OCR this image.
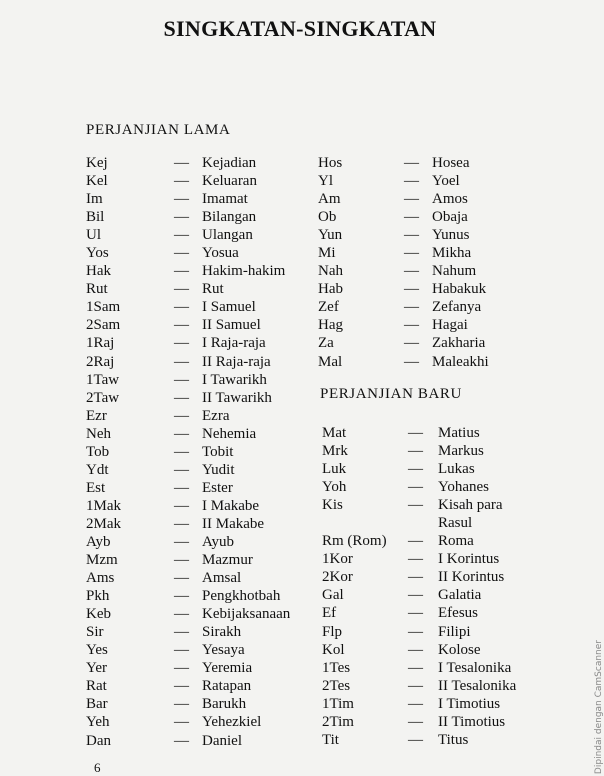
SINGKATAN-SINGKATAN
PERJANJIAN LAMA
Kej	— Kejadian
Kel	— Keluaran
Im	— Imamat
Bil	— Bilangan
Ul	— Ulangan
Yos	— Yosua
Hak	— Hakim-hakim
Rut	— Rut
1Sam	— I Samuel
2Sam	— II Samuel
1Raj	— I Raja-raja
2Raj	— II Raja-raja
1Taw	— I Tawarikh
2Taw	— II Tawarikh
Ezr	— Ezra
Neh	— Nehemia
Tob	— Tobit
Ydt	— Yudit
Est	— Ester
1Mak	— I Makabe
2Mak	— II Makabe
Ayb	— Ayub
Mzm	— Mazmur
Ams	— Amsal
Pkh	— Pengkhotbah
Keb	— Kebijaksanaan
Sir	— Sirakh
Yes	— Yesaya
Yer	— Yeremia
Rat	— Ratapan
Bar	— Barukh
Yeh	— Yehezkiel
Dan	— Daniel
Hos	— Hosea
Yl	— Yoel
Am	— Amos
Ob	— Obaja
Yun	— Yunus
Mi	— Mikha
Nah	— Nahum
Hab	— Habakuk
Zef	— Zefanya
Hag	— Hagai
Za	— Zakharia
Mal	— Maleakhi
PERJANJIAN BARU
Mat	— Matius
Mrk	— Markus
Luk	— Lukas
Yoh	— Yohanes
Kis	— Kisah para
Rasul
Rm (Rom) — Roma
1Kor	— I Korintus
2Kor	— II Korintus
Gal	— Galatia
Ef	— Efesus
Flp	— Filipi
Kol	— Kolose
1Tes	— I Tesalonika
2Tes	— II Tesalonika
1Tim	— I Timotius
2Tim	— II Timotius
Tit	— Titus
6	Dipindai dengan CamScanner
